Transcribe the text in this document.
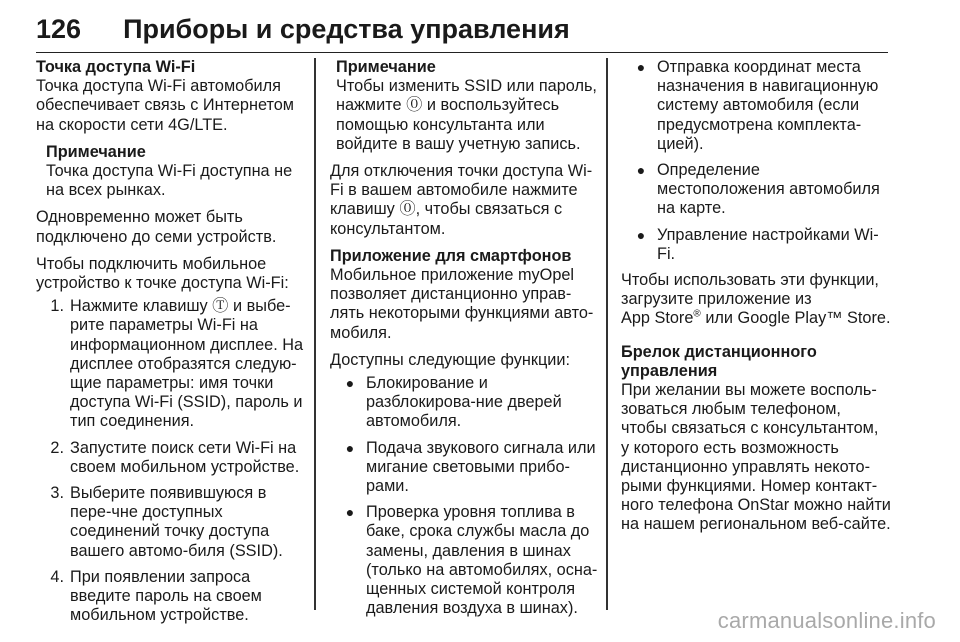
126 Приборы и средства управления
Точка доступа Wi-Fi

Точка доступа Wi-Fi автомобиля обеспечивает связь с Интернетом на скорости сети 4G/LTE.

Примечание
Точка доступа Wi-Fi доступна не на всех рынках.

Одновременно может быть подключено до семи устройств.

Чтобы подключить мобильное устройство к точке доступа Wi-Fi:

1. Нажмите клавишу Ⓣ и выбе-рите параметры Wi-Fi на информационном дисплее. На дисплее отобразятся следую-щие параметры: имя точки доступа Wi-Fi (SSID), пароль и тип соединения.
2. Запустите поиск сети Wi-Fi на своем мобильном устройстве.
3. Выберите появившуюся в пере-чне доступных соединений точку доступа вашего автомо-биля (SSID).
4. При появлении запроса введите пароль на своем мобильном устройстве.
Примечание
Чтобы изменить SSID или пароль, нажмите ⓪ и воспользуйтесь помощью консультанта или войдите в вашу учетную запись.

Для отключения точки доступа Wi-Fi в вашем автомобиле нажмите клавишу ⓪, чтобы связаться с консультантом.

Приложение для смартфонов

Мобильное приложение myOpel позволяет дистанционно управ-лять некоторыми функциями авто-мобиля.

Доступны следующие функции:

● Блокирование и разблокирова-ние дверей автомобиля.
● Подача звукового сигнала или мигание световыми прибо-рами.
● Проверка уровня топлива в баке, срока службы масла до замены, давления в шинах (только на автомобилях, осна-щенных системой контроля давления воздуха в шинах).
● Отправка координат места назначения в навигационную систему автомобиля (если предусмотрена комплекта-цией).
● Определение местоположения автомобиля на карте.
● Управление настройками Wi-Fi.

Чтобы использовать эти функции, загрузите приложение из
App Store® или Google Play™ Store.

Брелок дистанционного управления

При желании вы можете восполь-зоваться любым телефоном, чтобы связаться с консультантом, у которого есть возможность дистанционно управлять некото-рыми функциями. Номер контакт-ного телефона OnStar можно найти на нашем региональном веб-сайте.

carmanualsonline.info
